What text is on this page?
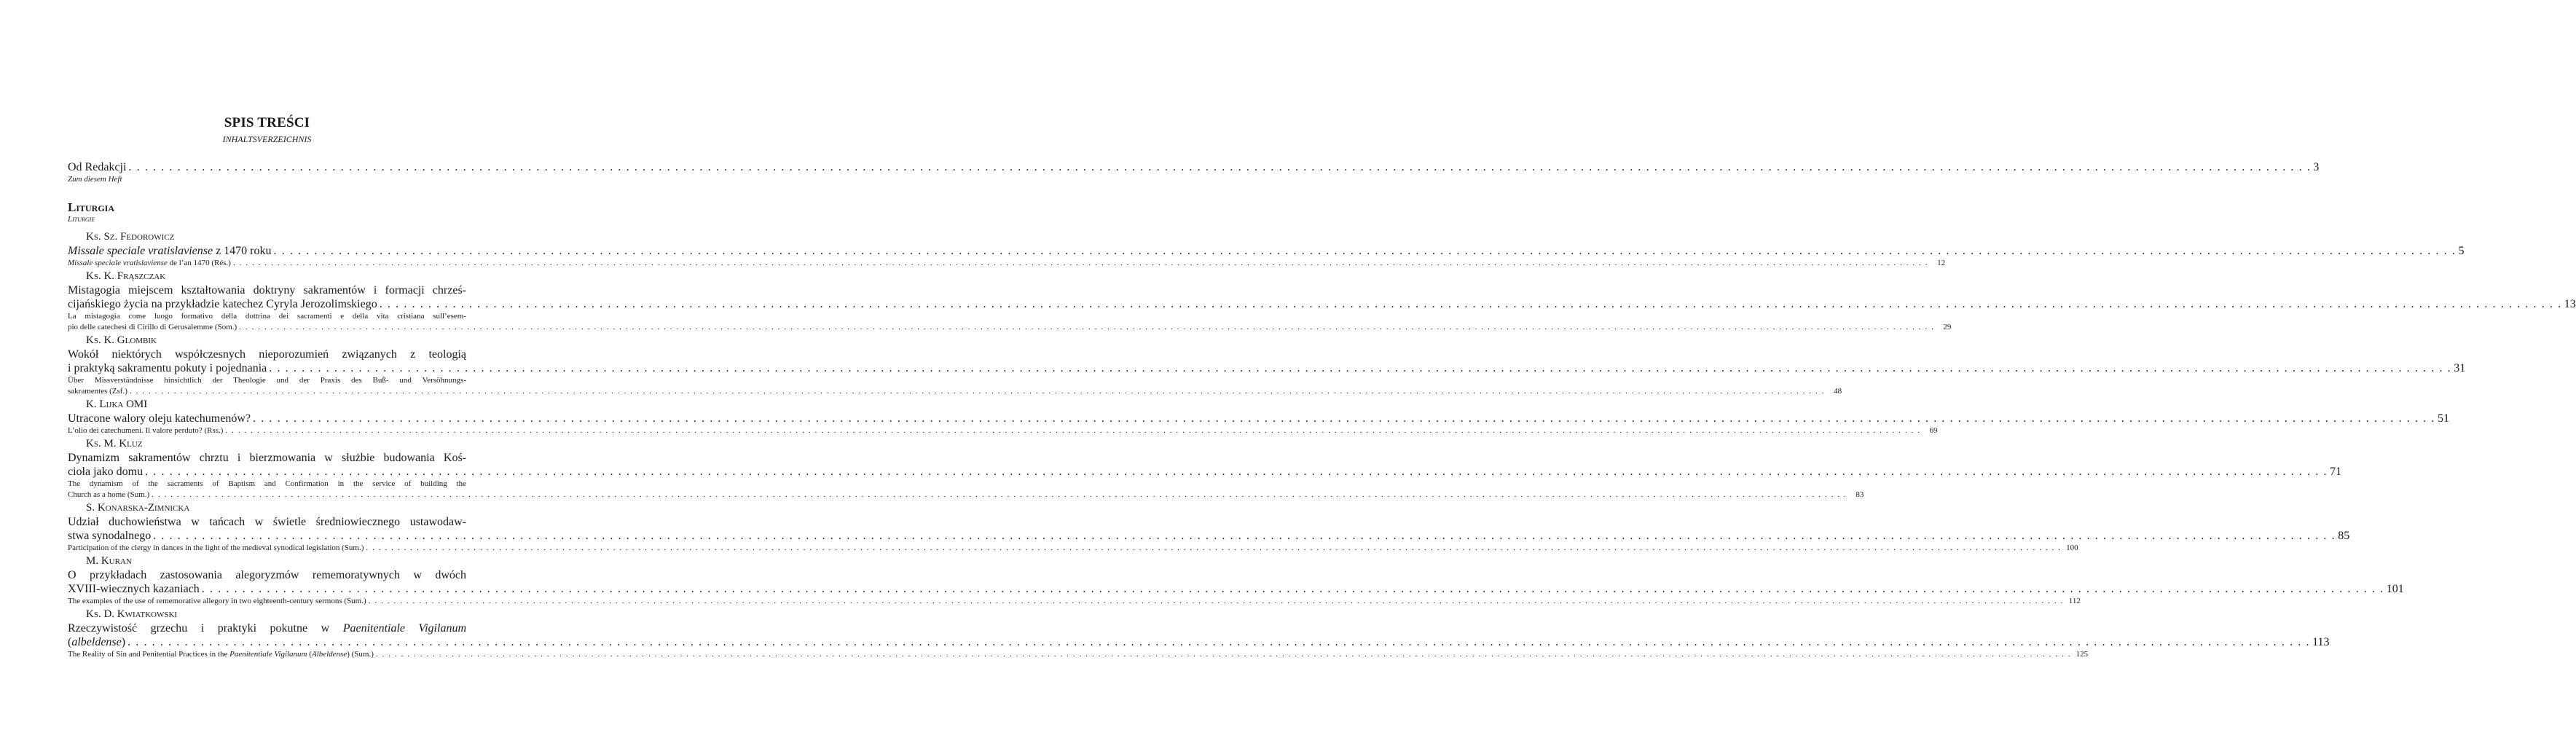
SPIS TREŚCI
INHALTSVERZEICHNIS
Od Redakcji . . .	3
Zum diesem Heft
Liturgia
Liturgie
Ks. Sz. Fedorowicz
Missale speciale vratislaviense z 1470 roku . . .	5
Missale speciale vratislaviense de l’an 1470 (Rés.) . . .	12
Ks. K. Frąszczak
Mistagogia miejscem kształtowania doktryny sakramentów i formacji chrześ-
cijańskiego życia na przykładzie katechez Cyryla Jerozolimskiego . . .	13
La mistagogia come luogo formativo della dottrina dei sacramenti e della vita cristiana sull’esem-
pio delle catechesi di Cirillo di Gerusalemme (Som.) . . .	29
Ks. K. Glombik
Wokół niektórych współczesnych nieporozumień związanych z teologią
i praktyką sakramentu pokuty i pojednania . . .	31
Über Missverständnisse hinsichtlich der Theologie und der Praxis des Buß- und Versöhnungs-
sakramentes (Zsf.) . . .	48
K. Lijka OMI
Utracone walory oleju katechumenów? . . .	51
L’olio dei catechumeni. Il valore perduto? (Rss.) . . .	69
Ks. M. Kluz
Dynamizm sakramentów chrztu i bierzmowania w służbie budowania Koś-
cioła jako domu . . .	71
The dynamism of the sacraments of Baptism and Confirmation in the service of building the
Church as a home (Sum.) . . .	83
S. Konarska-Zimnicka
Udział duchowieństwa w tańcach w świetle średniowiecznego ustawodaw-
stwa synodalnego . . .	85
Participation of the clergy in dances in the light of the medieval synodical legislation (Sum.) . . .	100
M. Kuran
O przykładach zastosowania alegoryzmów rememoratywnych w dwóch
XVIII-wiecznych kazaniach . . .	101
The examples of the use of rememorative allegory in two eighteenth-century sermons (Sum.) . . .	112
Ks. D. Kwiatkowski
Rzeczywistość grzechu i praktyki pokutne w Paenitentiale Vigilanum
(albeldense) . . .	113
The Reality of Sin and Penitential Practices in the Paenitentiale Vigilanum (Albeldense) (Sum.) . . .	125
